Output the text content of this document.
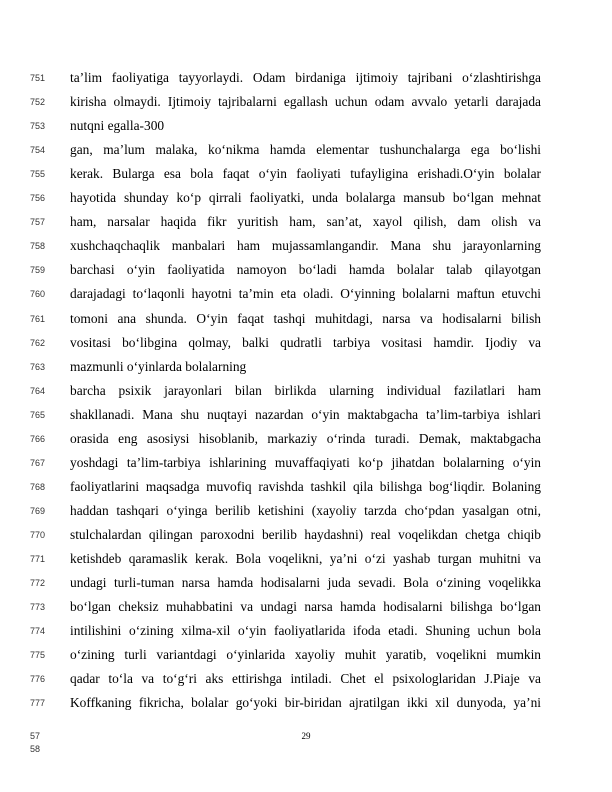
751	ta’lim faoliyatiga tayyorlaydi. Odam birdaniga ijtimoiy tajribani o‘zlashtirishga
752	kirisha olmaydi. Ijtimoiy tajribalarni egallash uchun odam avvalo yetarli darajada
753	nutqni egalla-300
754	gan, ma’lum malaka, ko‘nikma hamda elementar tushunchalarga ega bo‘lishi
755	kerak. Bularga esa bola faqat o‘yin faoliyati tufayligina erishadi.O‘yin bolalar
756	hayotida shunday ko‘p qirrali faoliyatki, unda bolalarga mansub bo‘lgan mehnat
757	ham, narsalar haqida fikr yuritish ham, san’at, xayol qilish, dam olish va
758	xushchaqchaqlik manbalari ham mujassamlangandir. Mana shu jarayonlarning
759	barchasi o‘yin faoliyatida namoyon bo‘ladi hamda bolalar talab qilayotgan
760	darajadagi to‘laqonli hayotni ta’min eta oladi. O‘yinning bolalarni maftun etuvchi
761	tomoni ana shunda. O‘yin faqat tashqi muhitdagi, narsa va hodisalarni bilish
762	vositasi bo‘libgina qolmay, balki qudratli tarbiya vositasi hamdir. Ijodiy va
763	mazmunli o‘yinlarda bolalarning
764	barcha psixik jarayonlari bilan birlikda ularning individual fazilatlari ham
765	shakllanadi. Mana shu nuqtayi nazardan o‘yin maktabgacha ta’lim-tarbiya ishlari
766	orasida eng asosiysi hisoblanib, markaziy o‘rinda turadi. Demak, maktabgacha
767	yoshdagi ta’lim-tarbiya ishlarining muvaffaqiyati ko‘p jihatdan bolalarning o‘yin
768	faoliyatlarini maqsadga muvofiq ravishda tashkil qila bilishga bog‘liqdir. Bolaning
769	haddan tashqari o‘yinga berilib ketishini (xayoliy tarzda cho‘pdan yasalgan otni,
770	stulchalardan qilingan paroxodni berilib haydashni) real voqelikdan chetga chiqib
771	ketishdeb qaramaslik kerak. Bola voqelikni, ya’ni o‘zi yashab turgan muhitni va
772	undagi turli-tuman narsa hamda hodisalarni juda sevadi. Bola o‘zining voqelikka
773	bo‘lgan cheksiz muhabbatini va undagi narsa hamda hodisalarni bilishga bo‘lgan
774	intilishini o‘zining xilma-xil o‘yin faoliyatlarida ifoda etadi. Shuning uchun bola
775	o‘zining turli variantdagi o‘yinlarida xayoliy muhit yaratib, voqelikni mumkin
776	qadar to‘la va to‘g‘ri aks ettirishga intiladi. Chet el psixologlaridan J.Piaje va
777	Koffkaning fikricha, bolalar go‘yoki bir-biridan ajratilgan ikki xil dunyoda, ya’ni
57
58
29
